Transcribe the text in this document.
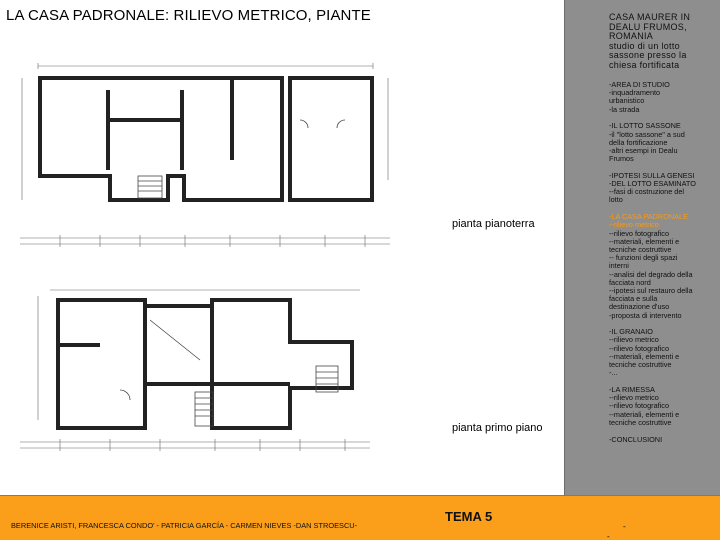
LA CASA PADRONALE: RILIEVO METRICO, PIANTE
pianta pianoterra
pianta primo piano
CASA MAURER IN
DEALU FRUMOS,
ROMANIA
studio di un lotto
sassone presso la
chiesa fortificata
-AREA DI STUDIO
-inquadramento
urbanistico
-la strada
-IL LOTTO SASSONE
-il "lotto sassone" a sud
della fortificazione
-altri esempi in Dealu
Frumos
-IPOTESI SULLA GENESI
-DEL LOTTO ESAMINATO
--fasi di costruzione del
lotto
-LA CASA PADRONALE
--rilievo metrico
--rilievo fotografico
--materiali, elementi e
tecniche costruttive
-- funzioni degli spazi
interni
--analisi del degrado della
facciata nord
--ipotesi sul restauro della
facciata e sulla
destinazione d'uso
-proposta di intervento
-IL GRANAIO
--rilievo metrico
--rilievo fotografico
--materiali, elementi e
tecniche costruttive
-...
-LA RIMESSA
--rilievo metrico
--rilievo fotografico
--materiali, elementi e
tecniche costruttive
-CONCLUSIONI
BERENICE ARISTI, FRANCESCA CONDO' - PATRICIA GARCÍA - CARMEN NIEVES -DAN STROESCU-
TEMA 5
-
-
